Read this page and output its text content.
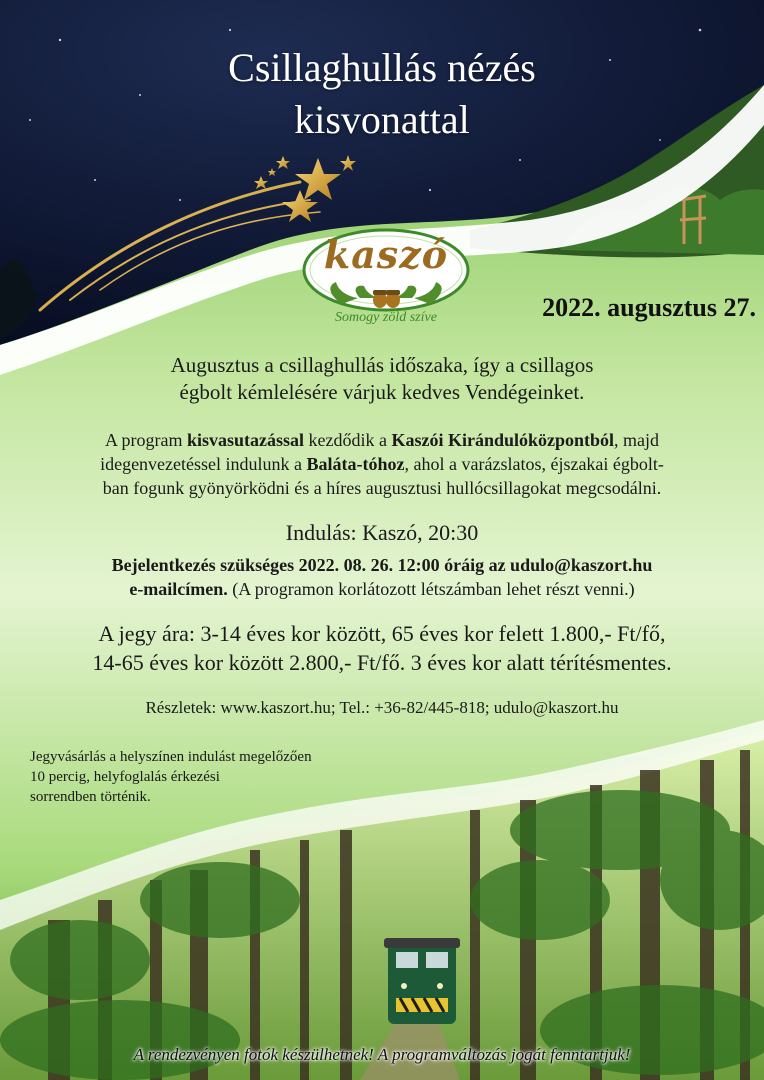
kaszó
Somogy zöld szíve
Csillaghullás nézés
kisvonattal
2022. augusztus 27.
Augusztus a csillaghullás időszaka, így a csillagos
égbolt kémlelésére várjuk kedves Vendégeinket.
A program kisvasutazással kezdődik a Kaszói Kirándulóközpontból, majd
idegenvezetéssel indulunk a Baláta-tóhoz, ahol a varázslatos, éjszakai égbolt-
ban fogunk gyönyörködni és a híres augusztusi hullócsillagokat megcsodálni.
Indulás: Kaszó, 20:30
Bejelentkezés szükséges 2022. 08. 26. 12:00 óráig az udulo@kaszort.hu
e-mailcímen. (A programon korlátozott létszámban lehet részt venni.)
A jegy ára: 3-14 éves kor között, 65 éves kor felett 1.800,- Ft/fő,
14-65 éves kor között 2.800,- Ft/fő. 3 éves kor alatt térítésmentes.
Részletek: www.kaszort.hu; Tel.: +36-82/445-818; udulo@kaszort.hu
Jegyvásárlás a helyszínen indulást megelőzően
10 percig, helyfoglalás érkezési
sorrendben történik.
A rendezvényen fotók készülhetnek! A programváltozás jogát fenntartjuk!
